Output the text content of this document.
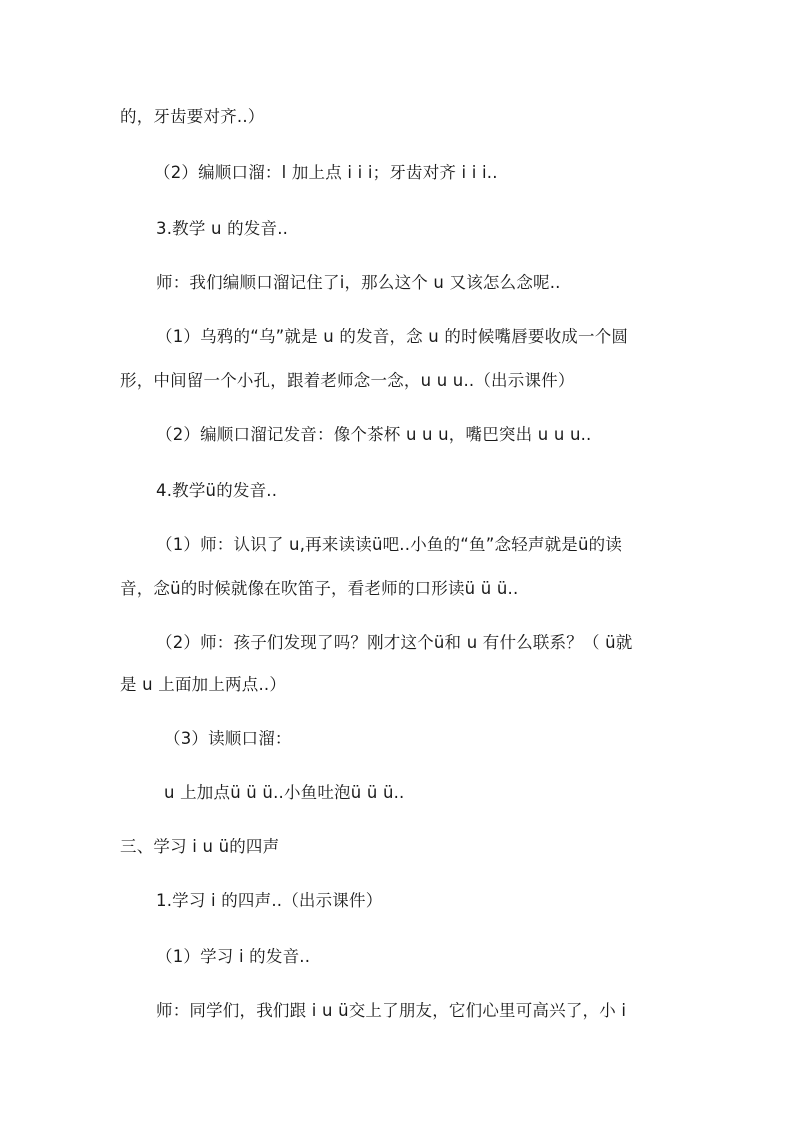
的，牙齿要对齐..）
（2）编顺口溜：l 加上点 i i i；牙齿对齐 i i i..
3.教学 u 的发音..
师：我们编顺口溜记住了i，那么这个 u 又该怎么念呢..
（1）乌鸦的“乌”就是 u 的发音，念 u 的时候嘴唇要收成一个圆
形，中间留一个小孔，跟着老师念一念，u u u..（出示课件）
（2）编顺口溜记发音：像个茶杯 u u u，嘴巴突出 u u u..
4.教学ü的发音..
（1）师：认识了 u,再来读读ü吧..小鱼的“鱼”念轻声就是ü的读
音，念ü的时候就像在吹笛子，看老师的口形读ü ü ü..
（2）师：孩子们发现了吗？刚才这个ü和 u 有什么联系？（ ü就
是 u 上面加上两点..）
（3）读顺口溜：
u 上加点ü ü ü..小鱼吐泡ü ü ü..
三、学习 i u ü的四声
1.学习 i 的四声..（出示课件）
（1）学习 i 的发音..
师：同学们，我们跟 i u ü交上了朋友，它们心里可高兴了，小 i
